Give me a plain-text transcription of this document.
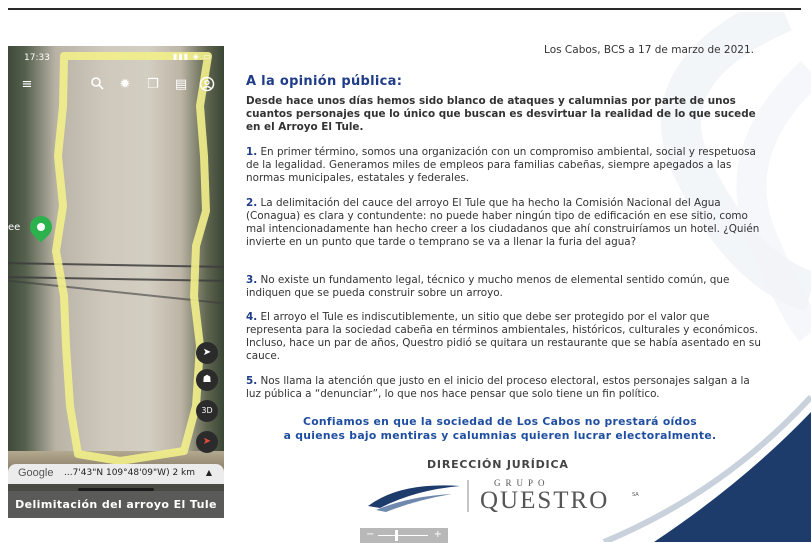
17:33	▮▮▮ ◈ ▭
≡	✹ ❒ ▤
ee
➤
☗
3D
➤
Google ...7'43"N 109°48'09"W) 2 km ▲
Delimitación del arroyo El Tule
Los Cabos, BCS a 17 de marzo de 2021.
A la opinión pública:
Desde hace unos días hemos sido blanco de ataques y calumnias por parte de unos cuantos personajes que lo único que buscan es desvirtuar la realidad de lo que sucede en el Arroyo El Tule.
1. En primer término, somos una organización con un compromiso ambiental, social y respetuosa de la legalidad. Generamos miles de empleos para familias cabeñas, siempre apegados a las normas municipales, estatales y federales.
2. La delimitación del cauce del arroyo El Tule que ha hecho la Comisión Nacional del Agua (Conagua) es clara y contundente: no puede haber ningún tipo de edificación en ese sitio, como mal intencionadamente han hecho creer a los ciudadanos que ahí construiríamos un hotel. ¿Quién invierte en un punto que tarde o temprano se va a llenar la furia del agua?
3. No existe un fundamento legal, técnico y mucho menos de elemental sentido común, que indiquen que se pueda construir sobre un arroyo.
4. El arroyo el Tule es indiscutiblemente, un sitio que debe ser protegido por el valor que representa para la sociedad cabeña en términos ambientales, históricos, culturales y económicos. Incluso, hace un par de años, Questro pidió se quitara un restaurante que se había asentado en su cauce.
5. Nos llama la atención que justo en el inicio del proceso electoral, estos personajes salgan a la luz pública a “denunciar”, lo que nos hace pensar que solo tiene un fin político.
Confiamos en que la sociedad de Los Cabos no prestará oídos
a quienes bajo mentiras y calumnias quieren lucrar electoralmente.
DIRECCIÓN JURÍDICA
GRUPO
QUESTRO	SA
−	+
